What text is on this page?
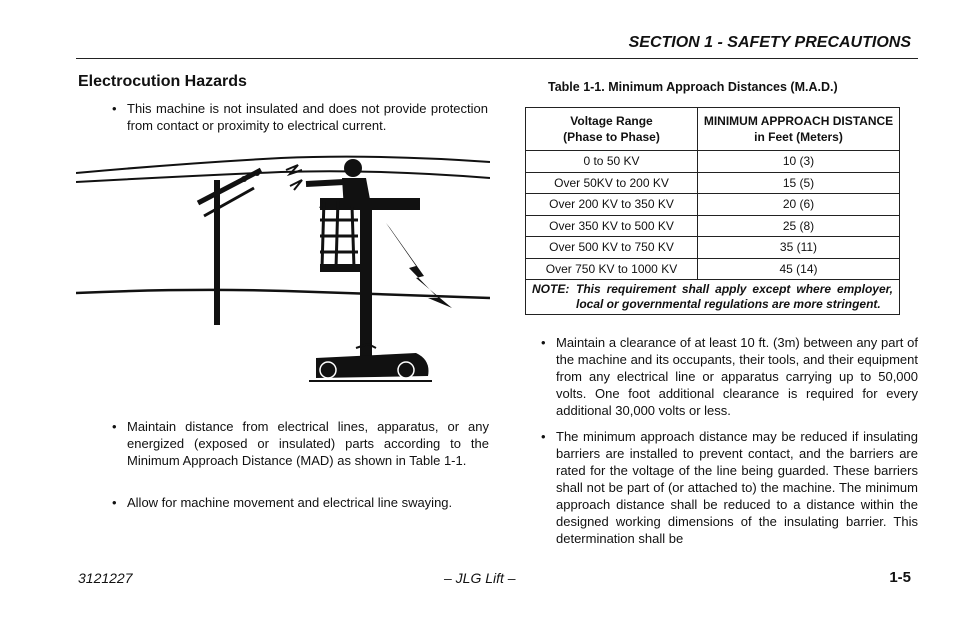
SECTION 1 - SAFETY PRECAUTIONS
Electrocution Hazards
• This machine is not insulated and does not provide protection from contact or proximity to electrical current.
• Maintain distance from electrical lines, apparatus, or any energized (exposed or insulated) parts according to the Minimum Approach Distance (MAD) as shown in Table 1-1.
• Allow for machine movement and electrical line swaying.
Table 1-1. Minimum Approach Distances (M.A.D.)
Voltage Range
(Phase to Phase)	MINIMUM APPROACH DISTANCE
in Feet (Meters)
0 to 50 KV	10 (3)
Over 50KV to 200 KV	15 (5)
Over 200 KV to 350 KV	20 (6)
Over 350 KV to 500 KV	25 (8)
Over 500 KV to 750 KV	35 (11)
Over 750 KV to 1000 KV	45 (14)

NOTE: This requirement shall apply except where employer, local or governmental regulations are more stringent.	
• Maintain a clearance of at least 10 ft. (3m) between any part of the machine and its occupants, their tools, and their equipment from any electrical line or apparatus carrying up to 50,000 volts. One foot additional clearance is required for every additional 30,000 volts or less.
• The minimum approach distance may be reduced if insulating barriers are installed to prevent contact, and the barriers are rated for the voltage of the line being guarded. These barriers shall not be part of (or attached to) the machine. The minimum approach distance shall be reduced to a distance within the designed working dimensions of the insulating barrier. This determination shall be
3121227	– JLG Lift –	1-5
